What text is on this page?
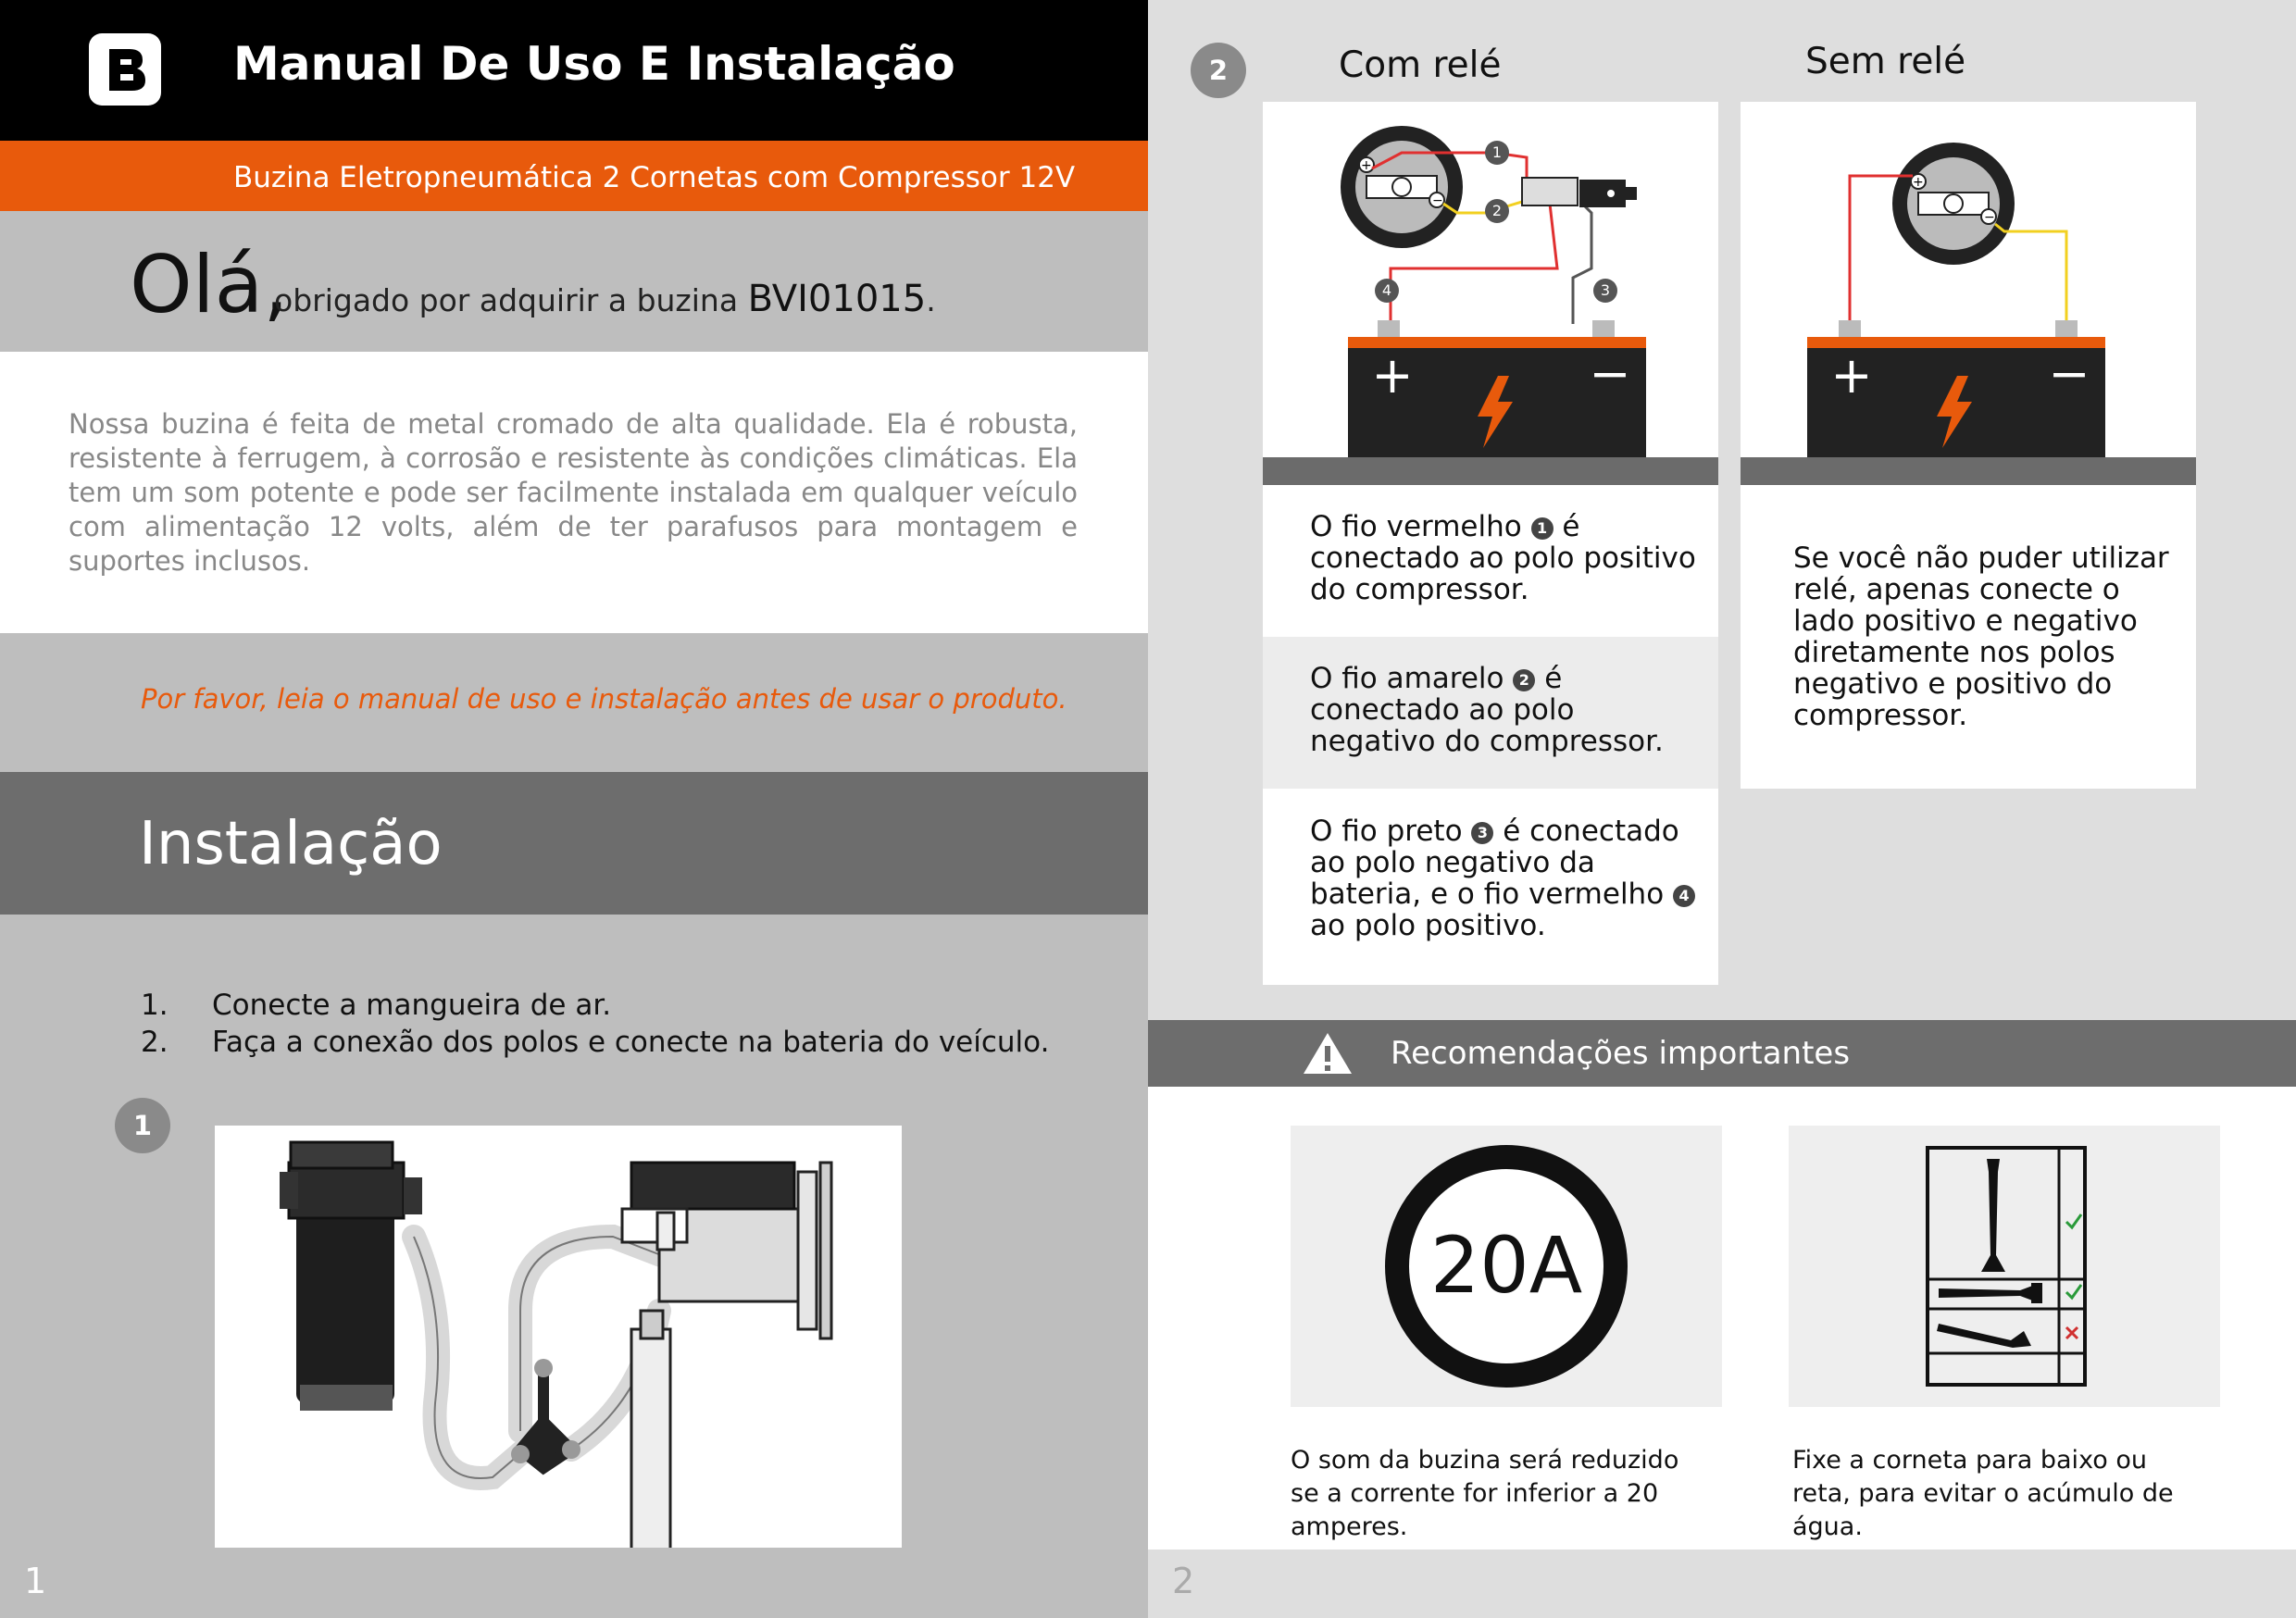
Manual De Uso E Instalação
Buzina Eletropneumática 2 Cornetas com Compressor 12V
Olá,
obrigado por adquirir a buzina BVI01015.
Nossa buzina é feita de metal cromado de alta qualidade. Ela é robusta, resistente à ferrugem, à corrosão e resistente às condições climáticas. Ela tem um som potente e pode ser facilmente instalada em qualquer veículo com alimentação 12 volts, além de ter parafusos para montagem e suportes inclusos.
Por favor, leia o manual de uso e instalação antes de usar o produto.
Instalação
1. Conecte a mangueira de ar.
2. Faça a conexão dos polos e conecte na bateria do veículo.
1
1
2	Com relé	Sem relé
+
−
1
2
3
4
+	−
+
−
+	−
O fio vermelho 1 é conectado ao polo positivo do compressor.
O fio amarelo 2 é conectado ao polo negativo do compressor.
O fio preto 3 é conectado ao polo negativo da bateria, e o fio vermelho 4 ao polo positivo.
Se você não puder utilizar relé, apenas conecte o lado positivo e negativo diretamente nos polos negativo e positivo do compressor.
Recomendações importantes
20A
O som da buzina será reduzido se a corrente for inferior a 20 amperes.
Fixe a corneta para baixo ou reta, para evitar o acúmulo de água.
2
